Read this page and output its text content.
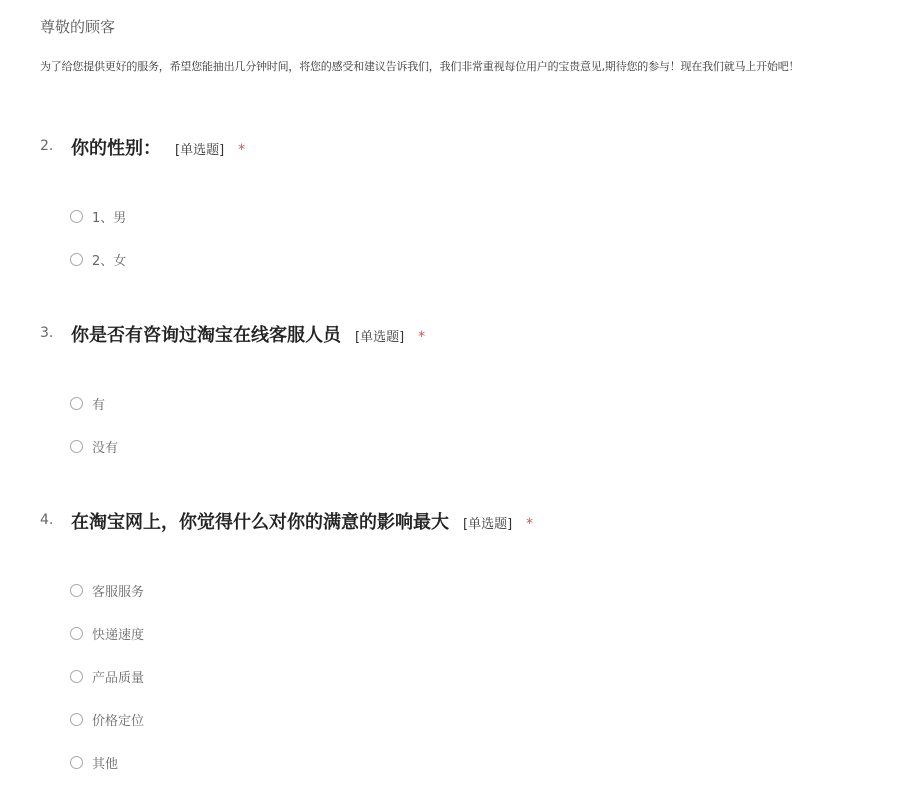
尊敬的顾客
为了给您提供更好的服务，希望您能抽出几分钟时间，将您的感受和建议告诉我们，我们非常重视每位用户的宝贵意见,期待您的参与！现在我们就马上开始吧！
2. 你的性别： [单选题] *
1、男
2、女
3. 你是否有咨询过淘宝在线客服人员 [单选题] *
有
没有
4. 在淘宝网上，你觉得什么对你的满意的影响最大 [单选题] *
客服服务
快递速度
产品质量
价格定位
其他
